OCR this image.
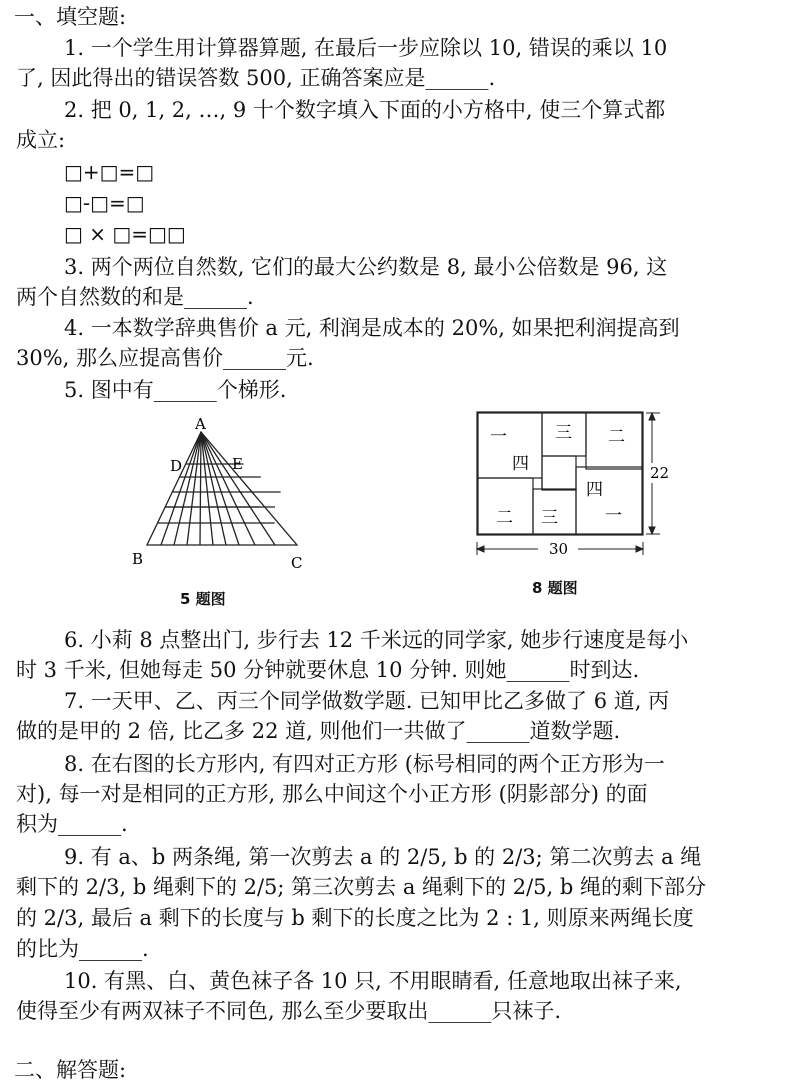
一、填空题:
1. 一个学生用计算器算题, 在最后一步应除以 10, 错误的乘以 10
了, 因此得出的错误答数 500, 正确答案应是______.
2. 把 0, 1, 2, …, 9 十个数字填入下面的小方格中, 使三个算式都
成立:
□+□=□
□-□=□
□ × □=□□
3. 两个两位自然数, 它们的最大公约数是 8, 最小公倍数是 96, 这
两个自然数的和是______.
4. 一本数学辞典售价 a 元, 利润是成本的 20%, 如果把利润提高到
30%, 那么应提高售价______元.
5. 图中有______个梯形.
A
D	E
B	C
5 题图
一	三 二
四
四
二 三	一
22
30
8 题图
6. 小莉 8 点整出门, 步行去 12 千米远的同学家, 她步行速度是每小
时 3 千米, 但她每走 50 分钟就要休息 10 分钟. 则她______时到达.
7. 一天甲、乙、丙三个同学做数学题. 已知甲比乙多做了 6 道, 丙
做的是甲的 2 倍, 比乙多 22 道, 则他们一共做了______道数学题.
8. 在右图的长方形内, 有四对正方形 (标号相同的两个正方形为一
对), 每一对是相同的正方形, 那么中间这个小正方形 (阴影部分) 的面
积为______.
9. 有 a、b 两条绳, 第一次剪去 a 的 2/5, b 的 2/3; 第二次剪去 a 绳
剩下的 2/3, b 绳剩下的 2/5; 第三次剪去 a 绳剩下的 2/5, b 绳的剩下部分
的 2/3, 最后 a 剩下的长度与 b 剩下的长度之比为 2 : 1, 则原来两绳长度
的比为______.
10. 有黑、白、黄色袜子各 10 只, 不用眼睛看, 任意地取出袜子来,
使得至少有两双袜子不同色, 那么至少要取出______只袜子.
二、解答题:
